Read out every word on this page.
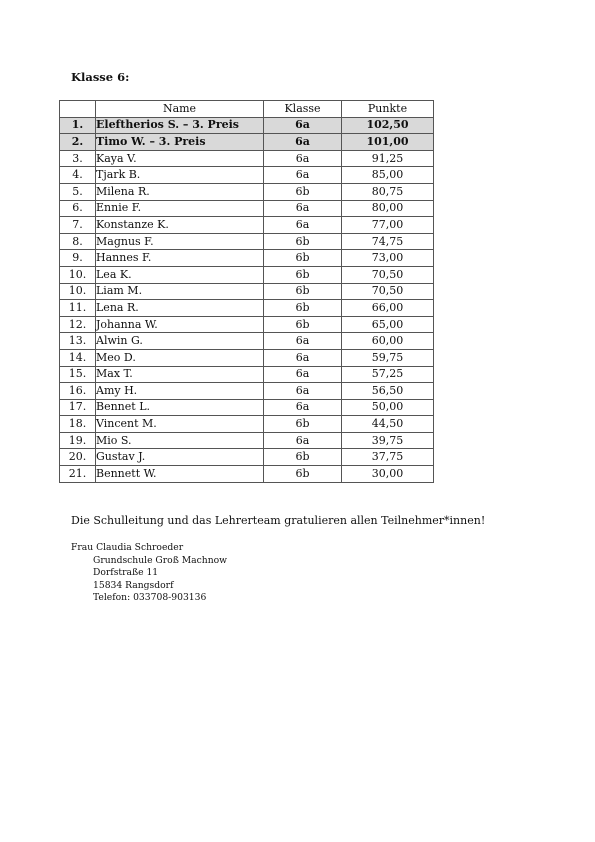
Klasse 6:
	Name	Klasse	Punkte
1.	Eleftherios S. – 3. Preis	6a	102,50
2.	Timo W. – 3. Preis	6a	101,00
3.	Kaya V.	6a	91,25
4.	Tjark B.	6a	85,00
5.	Milena R.	6b	80,75
6.	Ennie F.	6a	80,00
7.	Konstanze K.	6a	77,00
8.	Magnus F.	6b	74,75
9.	Hannes F.	6b	73,00
10.	Lea K.	6b	70,50
10.	Liam M.	6b	70,50
11.	Lena R.	6b	66,00
12.	Johanna W.	6b	65,00
13.	Alwin G.	6a	60,00
14.	Meo D.	6a	59,75
15.	Max T.	6a	57,25
16.	Amy H.	6a	56,50
17.	Bennet L.	6a	50,00
18.	Vincent M.	6b	44,50
19.	Mio S.	6a	39,75
20.	Gustav J.	6b	37,75
21.	Bennett W.	6b	30,00
Die Schulleitung und das Lehrerteam gratulieren allen Teilnehmer*innen!
Frau Claudia Schroeder
Grundschule Groß Machnow
Dorfstraße 11
15834 Rangsdorf
Telefon: 033708-903136
